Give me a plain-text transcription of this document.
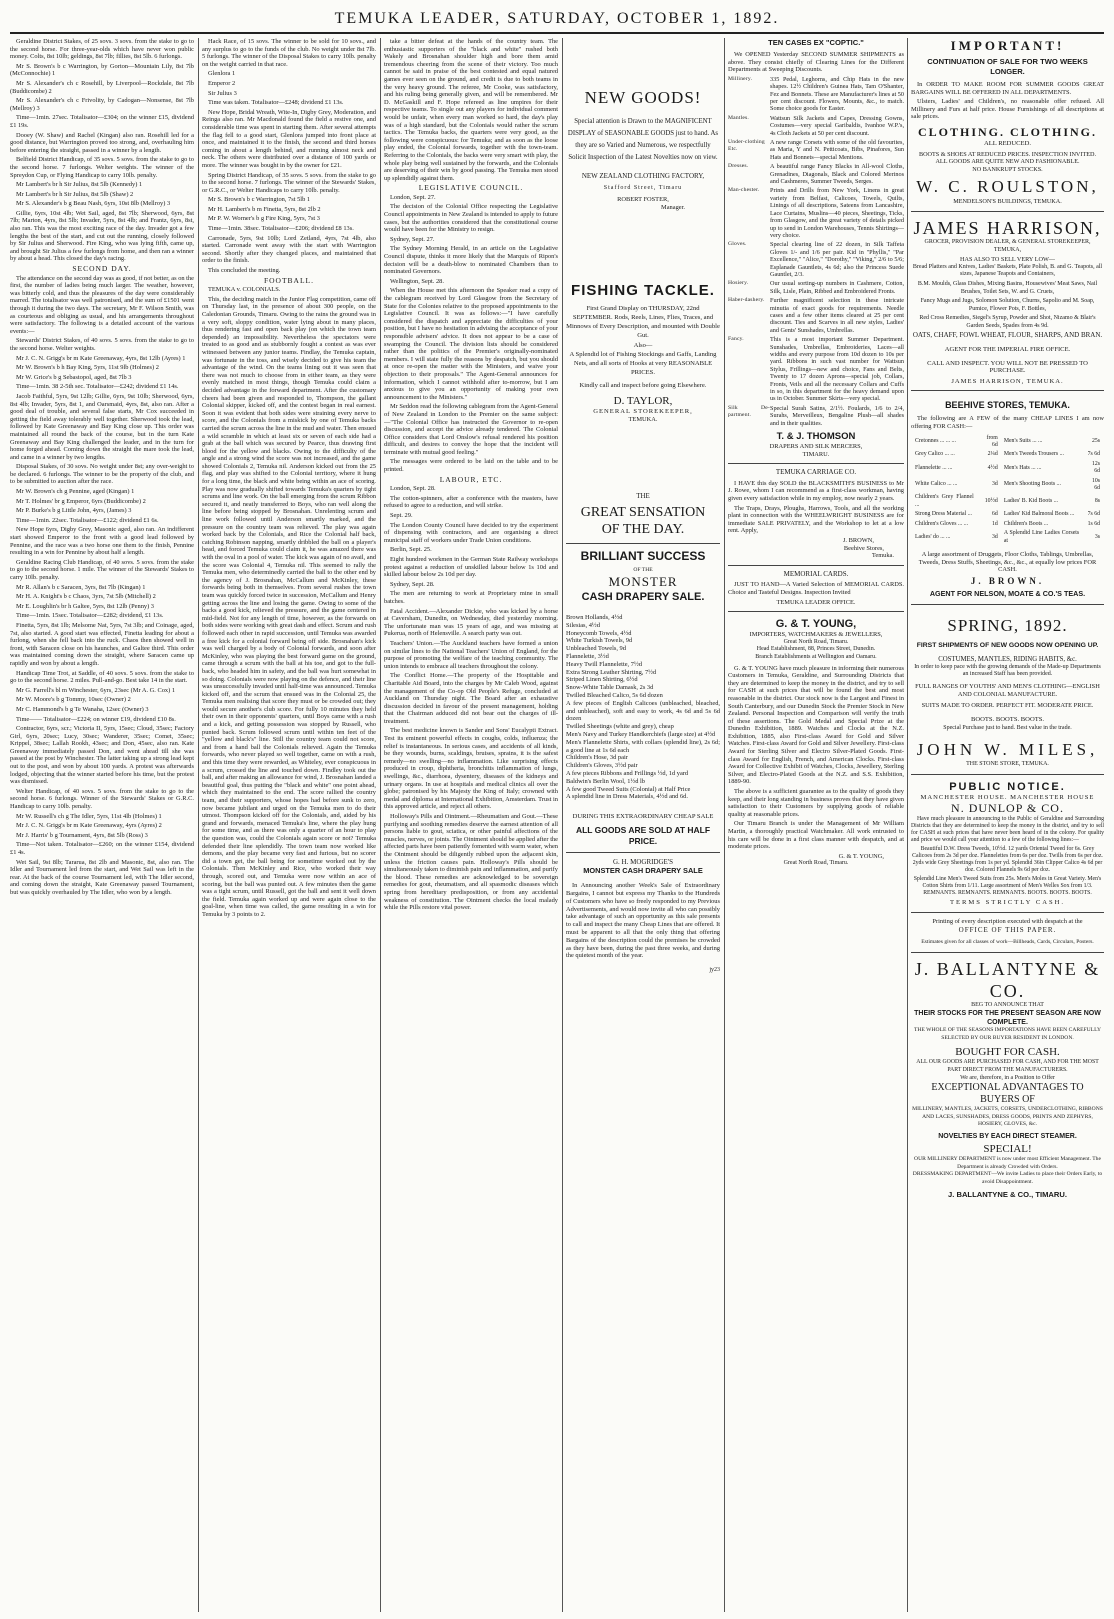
TEMUKA LEADER, SATURDAY, OCTOBER 1, 1892.

Geraldine District Stakes, of 25 sovs. 3 sovs. from the stake to go to the second horse. For three-year-olds which have never won public money. Colts, 8st 10lb; geldings, 8st 7lb; fillies, 8st 5lb. 6 furlongs.

Mr S. Brown's b c Warrington, by Gorton—Mountain Lily, 8st 7lb (McConnochie) 1

Mr S. Alexander's ch c Rosehill, by Liverpool—Rockdale, 8st 7lb (Buddicombe) 2

Mr S. Alexander's ch c Frivolity, by Cadogan—Nonsense, 8st 7lb (Mellroy) 3

Time—1min. 27sec. Totalisator—£304; on the winner £15, dividend £1 19s.

Dooey (W. Shaw) and Rachel (Kingan) also ran. Rosehill led for a good distance, but Warrington proved too strong, and, overhauling him before entering the straight, passed in a winner by a length.

Belfield District Handicap, of 35 sovs. 5 sovs. from the stake to go to the second horse. 7 furlongs. Welter weights. The winner of the Spreydon Cup, or Flying Handicap to carry 10lb. penalty.

Mr Lambert's br h Sir Julius, 8st 5lb (Kennedy) 1

Mr Lambert's br h Sir Julius, 8st 5lb (Shaw) 2

Mr S. Alexander's b g Beau Nash, 6yrs, 10st 8lb (Mellroy) 3

Gillie, 6yrs, 10st 4lb; Wet Sail, aged, 8st 7lb; Sherwood, 6yrs, 8st 7lb; Marton, 4yrs, 8st 5lb; Invader, 5yrs, 8st 4lb; and Frantz, 6yrs, 8st, also ran. This was the most exciting race of the day. Invader got a few lengths the best of the start, and cut out the running, closely followed by Sir Julius and Sherwood. Fire King, who was lying fifth, came up, and brought Sir Julius a few furlongs from home, and then ran a winner by about a head. This closed the day's racing.

SECOND DAY.

The attendance on the second day was as good, if not better, as on the first, the number of ladies being much larger. The weather, however, was bitterly cold, and thus the pleasures of the day were considerably marred. The totalisator was well patronised, and the sum of £1501 went through it during the two days. The secretary, Mr F. Wilson Smith, was as courteous and obliging as usual, and his arrangements throughout were satisfactory. The following is a detailed account of the various events:—

Stewards' District Stakes, of 40 sovs. 5 sovs. from the stake to go to the second horse. Welter weights.

Mr J. C. N. Grigg's br m Kate Greenaway, 4yrs, 8st 12lb (Ayres) 1

Mr W. Brown's b h Bay King, 5yrs, 11st 9lb (Holmes) 2

Mr W. Grice's b g Sebastopol, aged, 8st 7lb 3

Time—1min. 38 2-5th sec. Totalisator—£242; dividend £1 14s.

Jacob Faithful, 5yrs, 9st 12lb; Gillie, 6yrs, 9st 10lb; Sherwood, 6yrs, 8st 4lb; Invader, 5yrs, 8st 1, and Oarsmaid, 4yrs, 8st, also ran. After a good deal of trouble, and several false starts, Mr Cox succeeded in getting the field away tolerably well together. Sherwood took the lead, followed by Kate Greenaway and Bay King close up. This order was maintained all round the back of the course, but in the turn Kate Greenaway and Bay King challenged the leader, and in the turn for home forged ahead. Coming down the straight the mare took the lead, and came in a winner by two lengths.

Disposal Stakes, of 30 sovs. No weight under 8st; any over-weight to be declared. 6 furlongs. The winner to be the property of the club, and to be submitted to auction after the race.

Mr W. Brown's ch g Pennine, aged (Kingan) 1

Mr T. Holmes' br g Emperor, 6yrs (Buddicombe) 2

Mr P. Burke's b g Little John, 4yrs, (James) 3

Time—1min. 22sec. Totalisator—£122; dividend £1 6s.

New Hope 6yrs, Digby Grey, Masonic aged, also ran. An indifferent start showed Emperor to the front with a good lead followed by Pennine, and the race was a two horse one them to the finish, Pennine resulting in a win for Pennine by about half a length.

Geraldine Racing Club Handicap, of 40 sovs. 5 sovs. from the stake to go to the second horse. 1 mile. The winner of the Stewards' Stakes to carry 10lb. penalty.

Mr R. Allan's b c Saracen, 3yrs, 8st 7lb (Kingan) 1

Mr H. A. Knight's b c Chaos, 3yrs, 7st 5lb (Mitchell) 2

Mr E. Loughlin's br h Galtee, 5yrs, 8st 12lb (Penny) 3

Time—1min. 15sec. Totalisator—£282; dividend, £1 13s.

Finetta, 5yrs, 8st 1lb; Melsome Nat, 5yrs, 7st 3lb; and Coinage, aged, 7st, also started. A good start was effected, Finetta leading for about a furlong, when she fell back into the ruck. Chaos then showed well in front, with Saracen close on his haunches, and Galtee third. This order was maintained coming down the straight, where Saracen came up rapidly and won by about a length.

Handicap Time Trot, at Saddle, of 40 sovs. 5 sovs. from the stake to go to the second horse. 2 miles. Pull-and-go. Best take 14 in the start.

Mr G. Farrell's bl m Winchester, 6yrs, 23sec (Mr A. G. Cox) 1

Mr W. Moore's b g Tommy, 10sec (Owner) 2

Mr C. Hammond's b g Te Wanaha, 12sec (Owner) 3

Time—— Totalisator—£224; on winner £19, dividend £10 8s.

Contractor, 6yrs, scr.; Victoria II, 5yrs, 15sec; Cloud, 35sec; Factory Girl, 6yrs, 20sec; Lucy, 30sec; Wanderer, 35sec; Comet, 35sec; Krippel, 38sec; Lallah Rookh, 43sec; and Don, 45sec, also ran. Kate Greenaway immediately passed Don, and went ahead till she was passed at the post by Winchester. The latter taking up a strong lead kept out to the post, and won by about 100 yards. A protest was afterwards lodged, objecting that the winner started before his time, but the protest was dismissed.

Welter Handicap, of 40 sovs. 5 sovs. from the stake to go to the second horse. 6 furlongs. Winner of the Stewards' Stakes or G.R.C. Handicap to carry 10lb. penalty.

Mr W. Russell's ch g The Idler, 5yrs, 11st 4lb (Holmes) 1

Mr J. C. N. Grigg's br m Kate Greenaway, 4yrs (Ayres) 2

Mr J. Harris' b g Tournament, 4yrs, 8st 5lb (Ross) 3

Time—Not taken. Totalisator—£260; on the winner £154, dividend £1 4s.

Wet Sail, 9st 8lb; Tararua, 8st 2lb and Masonic, 8st, also ran. The Idler and Tournament led from the start, and Wet Sail was left in the rear. At the back of the course Tournament led, with The Idler second, and coming down the straight, Kate Greenaway passed Tournament, but was quickly overhauled by The Idler, who won by a length.

Hack Race, of 15 sovs. The winner to be sold for 10 sovs., and any surplus to go to the funds of the club. No weight under 8st 7lb. 5 furlongs. The winner of the Disposal Stakes to carry 10lb. penalty on the weight carried in that race.

Glenlora 1

Emperor 2

Sir Julius 3

Time was taken. Totalisator—£248; dividend £1 13s.

New Hope, Bridal Wreath, Wite-In, Digby Grey, Moderation, and Reinga also ran. Mr Macdonald found the field a restive one, and considerable time was spent in starting them. After several attempts the flag fell to a good start, Glenlora jumped into front place at once, and maintained it to the finish, the second and third horses coming in about a length behind, and running almost neck and neck. The others were distributed over a distance of 100 yards or more. The winner was bought in by the owner for £21.

Spring District Handicap, of 35 sovs. 5 sovs. from the stake to go to the second horse. 7 furlongs. The winner of the Stewards' Stakes, or G.R.C., or Welter Handicaps to carry 10lb. penalty.

Mr S. Brown's b c Warrington, 7st 5lb 1

Mr H. Lambert's b m Finetta, 5yrs, 8st 2lb 2

Mr P. W. Worner's b g Fire King, 5yrs, 7st 3

Time—1min. 38sec. Totalisator—£206; dividend £8 13s.

Carronade, 5yrs, 9st 10lb; Lord Zetland, 4yrs, 7st 4lb, also started. Carronade went away with the start with Warrington second. Shortly after they changed places, and maintained that order to the finish.

This concluded the meeting.

FOOTBALL.

TEMUKA v. COLONIALS.

This, the deciding match in the Junior Flag competition, came off on Thursday last, in the presence of about 300 people, on the Caledonian Grounds, Timaru. Owing to the rains the ground was in a very soft, sloppy condition, water lying about in many places, thus rendering fast and open back play (on which the town team depended) an impossibility. Nevertheless the spectators were treated to as good and as stubbornly fought a contest as was ever witnessed between any junior teams. Findlay, the Temuka captain, was fortunate in the toss, and wisely decided to give his team the advantage of the wind. On the teams lining out it was seen that there was not much to choose from in either team, as they were evenly matched in most things, though Temuka could claim a decided advantage in the forward department. After the customary cheers had been given and responded to, Thompson, the gallant Colonial skipper, kicked off, and the contest began in real earnest. Soon it was evident that both sides were straining every nerve to score, and the Colonials from a miskick by one of Temuka backs carried the scrum across the line in the mud and water. Then ensued a wild scramble in which at least six or seven of each side had a grab at the ball which was secured by Pearce, thus drawing first blood for the yellow and blacks. Owing to the difficulty of the angle and a strong wind the score was not increased, and the game showed Colonials 2, Temuka nil. Anderson kicked out from the 25 flag, and play was shifted to the Colonial territory, where it hung for a long time, the black and white being within an ace of scoring. Play was now gradually shifted towards Temuka's quarters by tight scrums and line work. On the ball emerging from the scrum Ribbon secured it, and neatly transferred to Boys, who ran well along the line before being stopped by Brosnahan. Unrelenting scrum and line work followed until Anderson smartly marked, and the pressure on the country team was relieved. The play was again worked back by the Colonials, and Rice the Colonial half back, catching Robinson napping, smartly dribbled the ball on a player's head, and forced Temuka could claim it, he was amazed there was with the oval in a pool of water. The kick was again of no avail, and the score was Colonial 4, Temuka nil. This seemed to rally the Temuka men, who determinedly carried the ball to the other end by the agency of J. Brosnahan, McCallum and McKinley, these forwards being both in themselves. From several rushes the town team was quickly forced twice in succession, McCallum and Henry getting across the line and losing the game. Owing to some of the backs a good kick, relieved the pressure, and the game centered in mid-field. Not for any length of time, however, as the forwards on both sides were working with great dash and effect. Scrum and rush followed each other in rapid succession, until Temuka was awarded a free kick for a colonial forward being off side. Brosnahan's kick was well charged by a body of Colonial forwards, and soon after McKinley, who was playing the best forward game on the ground, came through a scrum with the ball at his toe, and got to the full-back, who headed him in safety, and the ball was hurt somewhat in so doing. Colonials were now playing on the defence, and their line was unsuccessfully invaded until half-time was announced. Temuka kicked off, and the scrum that ensued was in the Colonial 25, the Temuka men realising that score they must or be crowded out; they would secure another's club score. For fully 10 minutes they held their own in their opponents' quarters, until Boys came with a rush and a kick, and getting possession was stopped by Russell, who punted back. Scrum followed scrum until within ten feet of the "yellow and black's" line. Still the country team could not score, and from a hand ball the Colonials relieved. Again the Temuka forwards, who never played so well together, came on with a rush, and this time they were rewarded, as Whiteley, ever conspicuous in a scrum, crossed the line and touched down. Findley took out the ball, and after making an allowance for wind, J. Brosnahan landed a beautiful goal, thus putting the "black and white" one point ahead, which they maintained to the end. The score rallied the country team, and their supporters, whose hopes had before sunk to zero, now became jubilant and urged on the Temuka men to do their utmost. Thompson kicked off for the Colonials, and, aided by his grand and forwards, menaced Temuka's line, where the play hung for some time, and as there was only a quarter of an hour to play the question was, could the Colonials again score or not? Temuka defended their line splendidly. The town team now worked like demons, and the play became very fast and furious, but no scorer did a town get, the ball being for sometime worked out by the Colonials. Then McKinley and Rice, who worked their way through, scored out, and Temuka were now within an ace of scoring, but the ball was punted out. A few minutes then the game was a tight scrum, until Russell, got the ball and sent it well down the field. Temuka again worked up and were again close to the goal-line, when time was called, the game resulting in a win for Temuka by 3 points to 2.

take a bitter defeat at the hands of the country team. The enthusiastic supporters of the "black and white" rushed both Wakely and Brosnahan shoulder high and bore them amid tremendous cheering from the scene of their victory. Too much cannot be said in praise of the best contested and equal natured games ever seen on the ground, and credit is due to both teams in the very heavy ground. The referee, Mr Cooke, was satisfactory, and his ruling being generally given, and will be remembered. Mr D. McGaskill and F. Hope refereed as line umpires for their respective teams. To single out any players for individual comment would be unfair, when every man worked so hard, the day's play was of a high standard, but the Colonials would rather the scrum tactics. The Temuka backs, the quarters were very good, as the following were conspicuous: for Temuka; and as soon as the loose play ended, the Colonial forwards, together with the town-team. Referring to the Colonials, the backs were very smart with play, the whole play being well sustained by the forwards, and the Colonials are deserving of their win by good passing. The Temuka men stood up splendidly against them.

LEGISLATIVE COUNCIL.

London, Sept. 27.

The decision of the Colonial Office respecting the Legislative Council appointments in New Zealand is intended to apply to future cases, but the authorities considered that the constitutional course would have been for the Ministry to resign.

Sydney, Sept. 27.

The Sydney Morning Herald, in an article on the Legislative Council dispute, thinks it more likely that the Marquis of Ripon's decision will be a death-blow to nominated Chambers than to nominated Governors.

Wellington, Sept. 28.

When the House met this afternoon the Speaker read a copy of the cablegram received by Lord Glasgow from the Secretary of State for the Colonies relative to the proposed appointments to the Legislative Council. It was as follows:—"I have carefully considered the dispatch and appreciate the difficulties of your position, but I have no hesitation in advising the acceptance of your responsible advisers' advice. It does not appear to be a case of swamping the Council. The division lists should be considered rather than the politics of the Premier's originally-nominated members. I will state fully the reasons by despatch, but you should at once re-open the matter with the Ministers, and waive your objection to their proposals." The Agent-General announces for information, which I cannot withhold after to-morrow, but I am anxious to give you an opportunity of making your own announcement to the Ministers."

Mr Seddon read the following cablegram from the Agent-General of New Zealand in London to the Premier on the same subject:—"The Colonial Office has instructed the Governor to re-open discussion, and accept the advice already tendered. The Colonial Office considers that Lord Onslow's refusal rendered his position difficult, and desires to convey the hope that the incident will terminate with mutual good feeling."

The messages were ordered to be laid on the table and to be printed.

LABOUR, ETC.

London, Sept. 28.

The cotton-spinners, after a conference with the masters, have refused to agree to a reduction, and will strike.

Sept. 29.

The London County Council have decided to try the experiment of dispensing with contractors, and are organising a direct municipal staff of workers under Trade Union conditions.

Berlin, Sept. 25.

Eight hundred workmen in the German State Railway workshops protest against a reduction of unskilled labour below 1s 10d and skilled labour below 2s 10d per day.

Sydney, Sept. 28.

The men are returning to work at Proprietary mine in small batches.

Fatal Accident.—Alexander Dickie, who was kicked by a horse at Caversham, Dunedin, on Wednesday, died yesterday morning. The unfortunate man was 15 years of age, and was missing at Pukerua, north of Helensville. A search party was out.

Teachers' Union.—The Auckland teachers have formed a union on similar lines to the National Teachers' Union of England, for the purpose of promoting the welfare of the teaching community. The union intends to embrace all teachers throughout the colony.

The Conflict Home.—The property of the Hospitable and Charitable Aid Board, into the charges by Mr Caleb Wood, against the management of the Co-op Old People's Refuge, concluded at Auckland on Thursday night. The Board after an exhaustive discussion decided in favour of the present management, holding that the Chairman adduced did not bear out the charges of ill-treatment.

The best medicine known is Sander and Sons' Eucalypti Extract. Test its eminent powerful effects in coughs, colds, influenza; the relief is instantaneous. In serious cases, and accidents of all kinds, be they wounds, burns, scaldings, bruises, sprains, it is the safest remedy—no swelling—no inflammation. Like surprising effects produced in croup, diphtheria, bronchitis inflammation of lungs, swellings, &c., diarrhoea, dysentery, diseases of the kidneys and urinary organs. In use at hospitals and medical clinics all over the globe; patronised by his Majesty the King of Italy; crowned with medal and diploma at International Exhibition, Amsterdam. Trust in this approved article, and reject all others.

Holloway's Pills and Ointment.—Rheumatism and Gout.—These purifying and soothing remedies deserve the earnest attention of all persons liable to gout, sciatica, or other painful affections of the muscles, nerves, or joints. The Ointment should be applied after the affected parts have been patiently fomented with warm water, when the Ointment should be diligently rubbed upon the adjacent skin, unless the friction causes pain. Holloway's Pills should be simultaneously taken to diminish pain and inflammation, and purify the blood. These remedies are acknowledged to be sovereign remedies for gout, rheumatism, and all spasmodic diseases which spring from hereditary predisposition, or from any accidental weakness of constitution. The Ointment checks the local malady while the Pills restore vital power.

NEW GOODS!

Special attention is Drawn to the MAGNIFICENT DISPLAY of SEASONABLE GOODS just to hand. As they are so Varied and Numerous, we respectfully Solicit Inspection of the Latest Novelties now on view.

NEW ZEALAND CLOTHING FACTORY,
Stafford Street, Timaru
ROBERT FOSTER,
Manager.
FISHING TACKLE.

First Grand Display on THURSDAY, 22nd SEPTEMBER. Rods, Reels, Lines, Flies, Traces, and Minnows of Every Description, and mounted with Double Gut.

Also—

A Splendid lot of Fishing Stockings and Gaffs, Landing Nets, and all sorts of Hooks at very REASONABLE PRICES.

Kindly call and inspect before going Elsewhere.

D. TAYLOR,
GENERAL STOREKEEPER,
TEMUKA.
THE
GREAT SENSATION
OF THE DAY.
BRILLIANT SUCCESS
OF THE
MONSTER
CASH DRAPERY SALE.
Brown Hollands, 4½d
Silesias, 4½d
Honeycomb Towels, 4½d
White Turkish Towels, 9d
Unbleached Towels, 9d
Flannelette, 3½d
Heavy Twill Flannelette, 7½d
Extra Strong Leather Shirting, 7½d
Striped Linen Shirting, 6½d
Snow-White Table Damask, 2s 3d
Twilled Bleached Calico, 5s 6d dozen
A few pieces of English Calicoes (unbleached, bleached, and unbleached), soft and easy to work, 4s 6d and 5s 6d dozen
Twilled Sheetings (white and grey), cheap
Men's Navy and Turkey Handkerchiefs (large size) at 4½d
Men's Flannelette Shirts, with collars (splendid line), 2s 6d; a good line at 1s 6d each
Children's Hose, 3d pair
Children's Gloves, 3½d pair
A few pieces Ribbons and Frillings ½d, 1d yard
Baldwin's Berlin Wool, 1½d lb
A few good Tweed Suits (Colonial) at Half Price
A splendid line in Dress Materials, 4½d and 6d.
DURING THIS EXTRAORDINARY CHEAP SALE
ALL GOODS ARE SOLD AT HALF PRICE.
G. H. MOGRIDGE'S
MONSTER CASH DRAPERY SALE

In Announcing another Week's Sale of Extraordinary Bargains, I cannot but express my Thanks to the Hundreds of Customers who have so freely responded to my Previous Advertisements, and would now invite all who can possibly take advantage of such an opportunity as this sale presents to call and inspect the many Cheap Lines that are offered. It must be apparent to all that the only thing that offering Bargains of the description could the premises be crowded as they have been, during the past three weeks, and during the quietest month of the year.

jy23
TEN CASES EX "COPTIC."

We OPENED Yesterday SECOND SUMMER SHIPMENTS as above. They consist chiefly of Clearing Lines for the Different Departments at Sweeping Discounts.

Millinery.	335 Pedal, Leghorns, and Chip Hats in the new shapes. 12½ Children's Guinea Hats, Tam O'Shanter, Fez and Bonnets. These are Manufacturer's lines at 50 per cent discount. Flowers, Mounts, &c., to match. Some choice goods for Easter.
Mantles.	Wattsun Silk Jackets and Capes, Dressing Gowns, Costumes—very special Garibaldis, Ivanhoe W.P.'s, 4s Cloth Jackets at 50 per cent discount.
Under-clothing Etc.
A new range Corsets with some of the old favourites, as Maria, Y and N. Petticoats, Bibs, Pinafores, Sun Hats and Bonnets—special Mentions.
Dresses.	A beautiful range Fancy Blacks in All-wool Cloths, Grenadines, Diagonals, Black and Colored Merinos and Cashmeres, Summer Tweeds, Serges.
Man-chester.	Prints and Drills from New York, Linens in great variety from Belfast, Calicoes, Towels, Quilts, Linings of all descriptions, Sateens from Lancashire, Lace Curtains, Muslins—40 pieces, Sheetings, Ticks, from Glasgow, and the great variety of details picked up to send in London Warehouses, Tennis Shirtings—very choice.
Gloves.	Special clearing line of 22 dozen, in Silk Taffeta Gloves 1/- and 1/6 per pair. Kid in "Phyllis," "Par Excellence," "Alice," "Dorothy," "Viking," 2/6 to 5/6; Esplanade Gauntlets, 4s 6d; also the Princess Suede Gauntlet, 2/3.
Hosiery.	Our usual sorting-up numbers in Cashmere, Cotton, Silk, Lisle, Plain, Ribbed and Embroidered Fronts.
Haber-dashery. Further magnificent selection in these intricate minutia of exact goods for requirements. Needle cases and a few other items cleared at 25 per cent discount. Ties and Scarves in all new styles, Ladies' and Gents' Sunshades, Umbrellas.
Fancy.	This is a most important Summer Department. Sunshades, Umbrellas, Embroideries, Laces—all widths and every purpose from 10d dozen to 10s per yard. Ribbons in such vast number for Wattsun Stylus, Frillings—new and choice, Fans and Belts, Twenty to 17 dozen Aprons—special job, Collars, Fronts, Veils and all the necessary Collars and Cuffs in so, in this department for the heavy demand upon us in October. Summer Skirts—very special.
Silk De-partment.
Special Surah Satins, 2/1½. Foulards, 1/6 to 2/4, Surahs, Merveilleux, Bengaline Plush—all shades and in their qualities.
T. & J. THOMSON
DRAPERS AND SILK MERCERS,
TIMARU.
TEMUKA CARRIAGE CO.

I HAVE this day SOLD the BLACKSMITH'S BUSINESS to Mr J. Rowe, whom I can recommend as a first-class workman, having given every satisfaction while in my employ, now nearly 2 years.

The Traps, Drays, Ploughs, Harrows, Tools, and all the working plant in connection with the WHEELWRIGHT BUSINESS are for immediate SALE PRIVATELY, and the Workshop to let at a low rent. Apply,

J. BROWN,
Beehive Stores,
Temuka.
MEMORIAL CARDS.

JUST TO HAND—A Varied Selection of MEMORIAL CARDS. Choice and Tasteful Designs. Inspection Invited

TEMUKA LEADER OFFICE.
G. & T. YOUNG,
IMPORTERS, WATCHMAKERS & JEWELLERS,
Great North Road, Timaru.
Head Establishment, 88, Princes Street, Dunedin.
Branch Establishments at Wellington and Oamaru.

G. & T. YOUNG have much pleasure in informing their numerous Customers in Temuka, Geraldine, and Surrounding Districts that they are determined to keep the money in the district, and try to sell for CASH at such prices that will be found the best and most reasonable in the district. Our stock now is the Largest and Finest in South Canterbury, and our Dunedin Stock the Premier Stock in New Zealand. Personal Inspection and Comparison will verify the truth of these assertions. The Gold Medal and Special Prize at the Dunedin Exhibition, 1889. Watches and Clocks at the N.Z. Exhibition, 1885, also First-class Award for Gold and Silver Watches. First-class Award for Gold and Silver Jewellery. First-class Award for Sterling Silver and Electro Silver-Plated Goods. First-class Award for English, French, and American Clocks. First-class Award for Collective Exhibit of Watches, Clocks, Jewellery, Sterling Silver, and Electro-Plated Goods at the N.Z. and S.S. Exhibition, 1889-90.

The above is a sufficient guarantee as to the quality of goods they keep, and their long standing in business proves that they have given satisfaction to their Customers by supplying goods of reliable quality at reasonable prices.

Our Timaru Branch is under the Management of Mr William Martin, a thoroughly practical Watchmaker. All work entrusted to his care will be done in a first class manner with despatch, and at moderate prices.

G. & T. YOUNG,
Great North Road, Timaru.
IMPORTANT!
CONTINUATION OF SALE FOR TWO WEEKS LONGER.

In ORDER TO MAKE ROOM FOR SUMMER GOODS GREAT BARGAINS WILL BE OFFERED IN ALL DEPARTMENTS.

Ulsters, Ladies' and Children's, no reasonable offer refused. All Millinery and Furs at half price. House Furnishings of all descriptions at sale prices.

CLOTHING. CLOTHING.
ALL REDUCED.
BOOTS & SHOES AT REDUCED PRICES. INSPECTION INVITED.
ALL GOODS ARE QUITE NEW AND FASHIONABLE.
NO BANKRUPT STOCKS.
W. C. ROULSTON,
MENDELSON'S BUILDINGS, TEMUKA.
JAMES HARRISON,
GROCER, PROVISION DEALER, & GENERAL STOREKEEPER, TEMUKA,
HAS ALSO TO SELL VERY LOW—

Bread Platters and Knives, Ladies' Baskets, Plate Polish, B. and G. Teapots, all sizes, Japanese Teapots and Containers,

B.M. Moulds, Glass Dishes, Mixing Basins, Housewives' Meat Saws, Nail Brushes, Toilet Sets, W. and G. Cruets,

Fancy Mugs and Jugs, Solomon Solution, Churns, Sapolio and M. Soap, Pumice, Flower Pots, F. Bottles,

Red Cross Remedies, Siegel's Syrup, Powder and Shot, Nizamo & Blair's Garden Seeds, Spades from 4s 9d.

OATS, CHAFF, FOWL WHEAT, FLOUR, SHARPS, AND BRAN.
AGENT FOR THE IMPERIAL FIRE OFFICE.
CALL AND INSPECT. YOU WILL NOT BE PRESSED TO PURCHASE.
JAMES HARRISON, TEMUKA.
BEEHIVE STORES, TEMUKA.

The following are A FEW of the many CHEAP LINES I am now offering FOR CASH:—

Cretonnes ... ... ...	from 6d	Men's Suits ... ...	25s
Grey Calico ... ...	2¼d	Men's Tweeds Trousers ...	7s 6d
Flannelette ... ...	4½d	Men's Hats ... ...	12s 6d
White Calico ... ...	3d	Men's Shooting Boots ...	10s 6d
Children's Grey Flannel ...	10½d	Ladies' B. Kid Boots ...	8s
Strong Dress Material ...	6d	Ladies' Kid Balmoral Boots ...	7s 6d
Children's Gloves ... ...	1d	Children's Boots ...	1s 6d
Ladies' do ... ...	3d	A Splendid Line Ladies Corsets at	3s

A large assortment of Druggets, Floor Cloths, Tablings, Umbrellas, Tweeds, Dress Stuffs, Sheetings, &c., &c., at equally low prices FOR CASH.

J. BROWN.
AGENT FOR NELSON, MOATE & CO.'S TEAS.
SPRING, 1892.
FIRST SHIPMENTS OF NEW GOODS NOW OPENING UP.
COSTUMES, MANTLES, RIDING HABITS, &c.

In order to keep pace with the growing demands of the Made-up Departments an increased Staff has been provided.

FULL RANGES OF YOUTHS' AND MEN'S CLOTHING—ENGLISH AND COLONIAL MANUFACTURE.
SUITS MADE TO ORDER. PERFECT FIT. MODERATE PRICE.
BOOTS. BOOTS. BOOTS.
Special Purchase just to hand. Best value in the trade.
JOHN W. MILES,
THE STONE STORE, TEMUKA.
PUBLIC NOTICE.
MANCHESTER HOUSE. MANCHESTER HOUSE
N. DUNLOP & CO.

Have much pleasure in announcing to the Public of Geraldine and Surrounding Districts that they are determined to keep the money in the district, and try to sell for CASH at such prices that have never been heard of in the colony. For quality and price we would call your attention to a few of the following lines:—

Beautiful D.W. Dress Tweeds, 10½d. 12 yards Oriental Tweed for 6s. Grey Calicoes from 2s 3d per doz. Flannelettes from 6s per doz. Twills from 6s per doz. 2yds wide Grey Sheetings from 1s per yd. Splendid 36in Clipper Calico 4s 6d per doz. Colored Flannels 9s 6d per doz.

Splendid Line Men's Tweed Suits from 25s. Men's Moles in Great Variety. Men's Cotton Shirts from 1/11. Large assortment of Men's Welles Sox from 1/3. REMNANTS. REMNANTS. REMNANTS. BOOTS. BOOTS. BOOTS.

TERMS STRICTLY CASH.

Printing of every description executed with despatch at the

OFFICE OF THIS PAPER.
Estimates given for all classes of work—Billheads, Cards, Circulars, Posters.
J. BALLANTYNE & CO.
BEG TO ANNOUNCE THAT
THEIR STOCKS FOR THE PRESENT SEASON ARE NOW COMPLETE.
THE WHOLE OF THE SEASONS IMPORTATIONS HAVE BEEN CAREFULLY SELECTED BY OUR BUYER RESIDENT IN LONDON.
BOUGHT FOR CASH.
ALL OUR GOODS ARE PURCHASED FOR CASH, AND FOR THE MOST PART DIRECT FROM THE MANUFACTURERS.
We are, therefore, in a Position to Offer
EXCEPTIONAL ADVANTAGES TO BUYERS OF
MILLINERY, MANTLES, JACKETS, CORSETS, UNDERCLOTHING, RIBBONS AND LACES, SUNSHADES, DRESS GOODS, PRINTS AND ZEPHYRS, HOSIERY, GLOVES, &c.
NOVELTIES BY EACH DIRECT STEAMER.
SPECIAL!
OUR MILLINERY DEPARTMENT is now under most Efficient Management. The Department is already Crowded with Orders.
DRESSMAKING DEPARTMENT—We invite Ladies to place their Orders Early, to avoid Disappointment.
J. BALLANTYNE & CO., TIMARU.
